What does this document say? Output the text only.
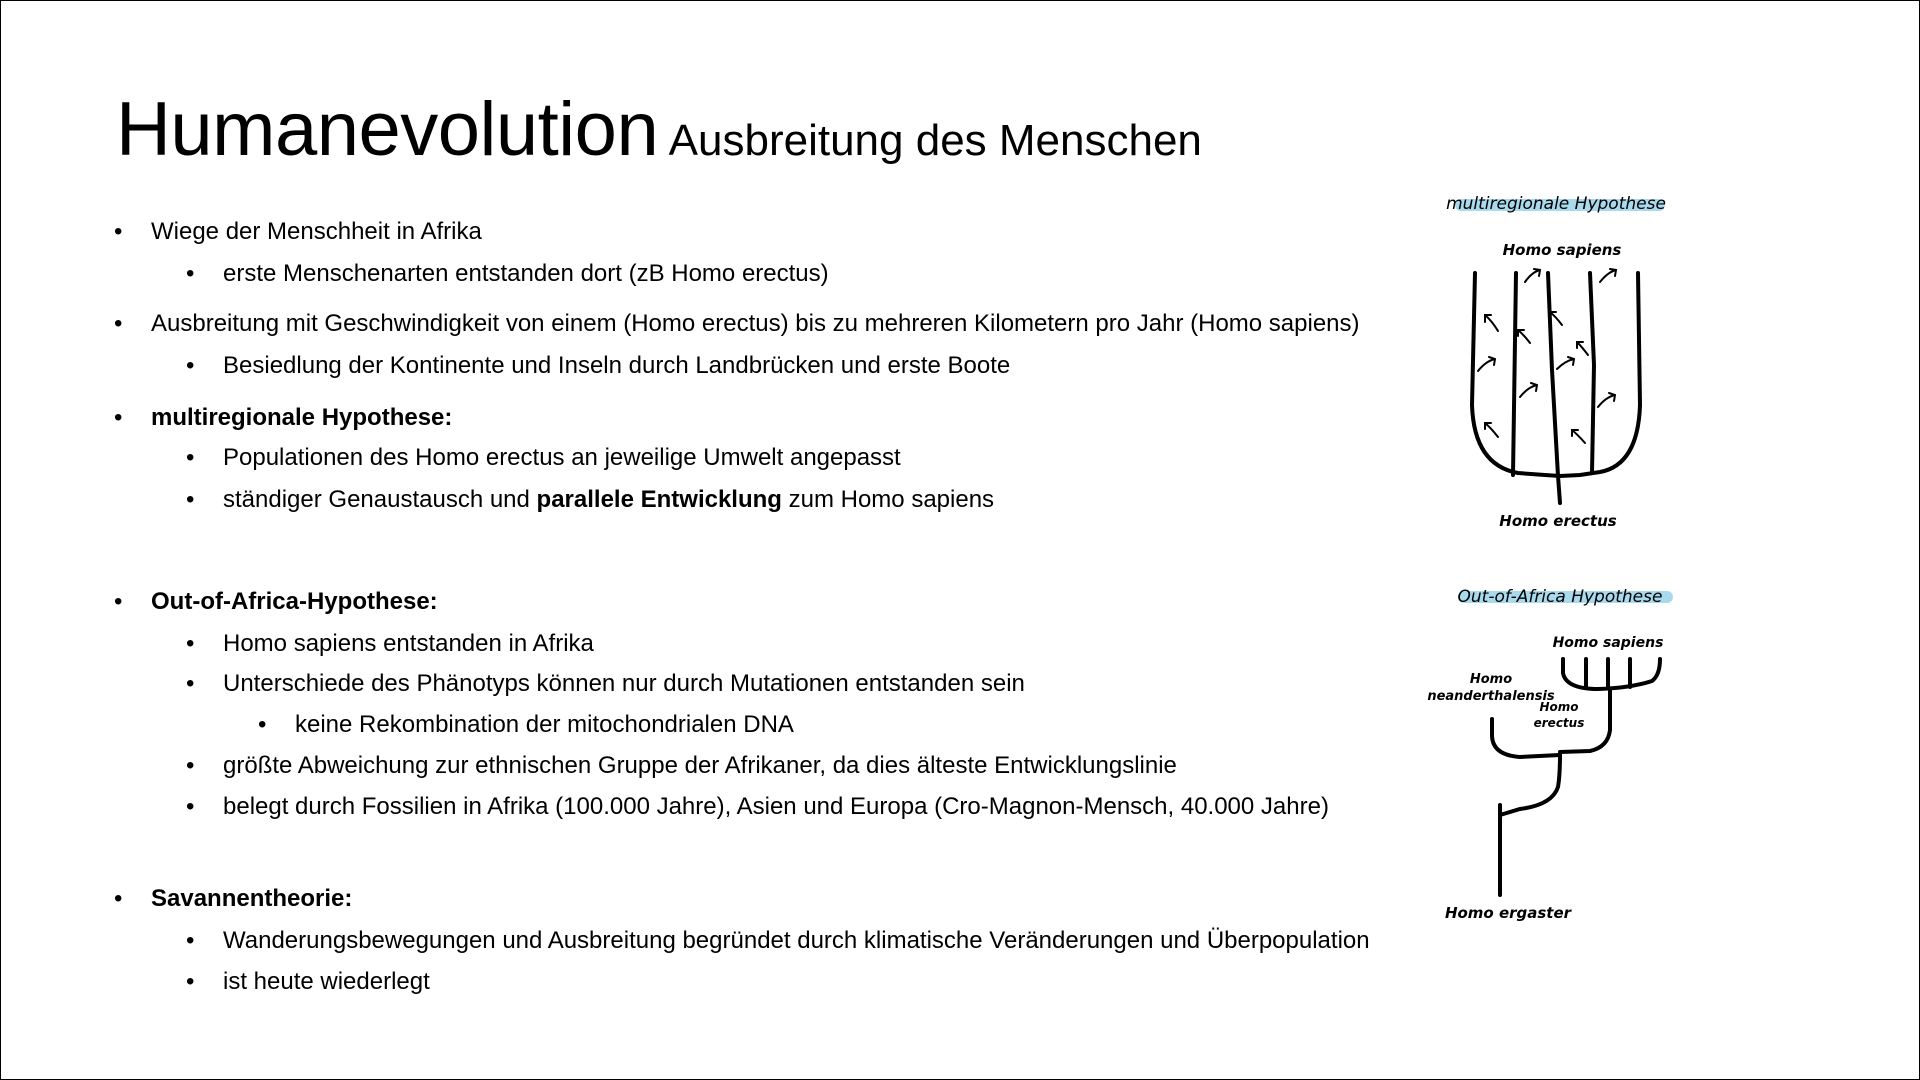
Humanevolution Ausbreitung des Menschen
• Wiege der Menschheit in Afrika
• erste Menschenarten entstanden dort (zB Homo erectus)
• Ausbreitung mit Geschwindigkeit von einem (Homo erectus) bis zu mehreren Kilometern pro Jahr (Homo sapiens)
• Besiedlung der Kontinente und Inseln durch Landbrücken und erste Boote
• multiregionale Hypothese:
• Populationen des Homo erectus an jeweilige Umwelt angepasst
• ständiger Genaustausch und parallele Entwicklung zum Homo sapiens
• Out-of-Africa-Hypothese:
• Homo sapiens entstanden in Afrika
• Unterschiede des Phänotyps können nur durch Mutationen entstanden sein
• keine Rekombination der mitochondrialen DNA
• größte Abweichung zur ethnischen Gruppe der Afrikaner, da dies älteste Entwicklungslinie
• belegt durch Fossilien in Afrika (100.000 Jahre), Asien und Europa (Cro-Magnon-Mensch, 40.000 Jahre)
• Savannentheorie:
• Wanderungsbewegungen und Ausbreitung begründet durch klimatische Veränderungen und Überpopulation
• ist heute wiederlegt
multiregionale Hypothese
Homo sapiens
Homo erectus
Out-of-Africa Hypothese
Homo sapiens
Homo
neanderthalensis
Homo
erectus
Homo ergaster
